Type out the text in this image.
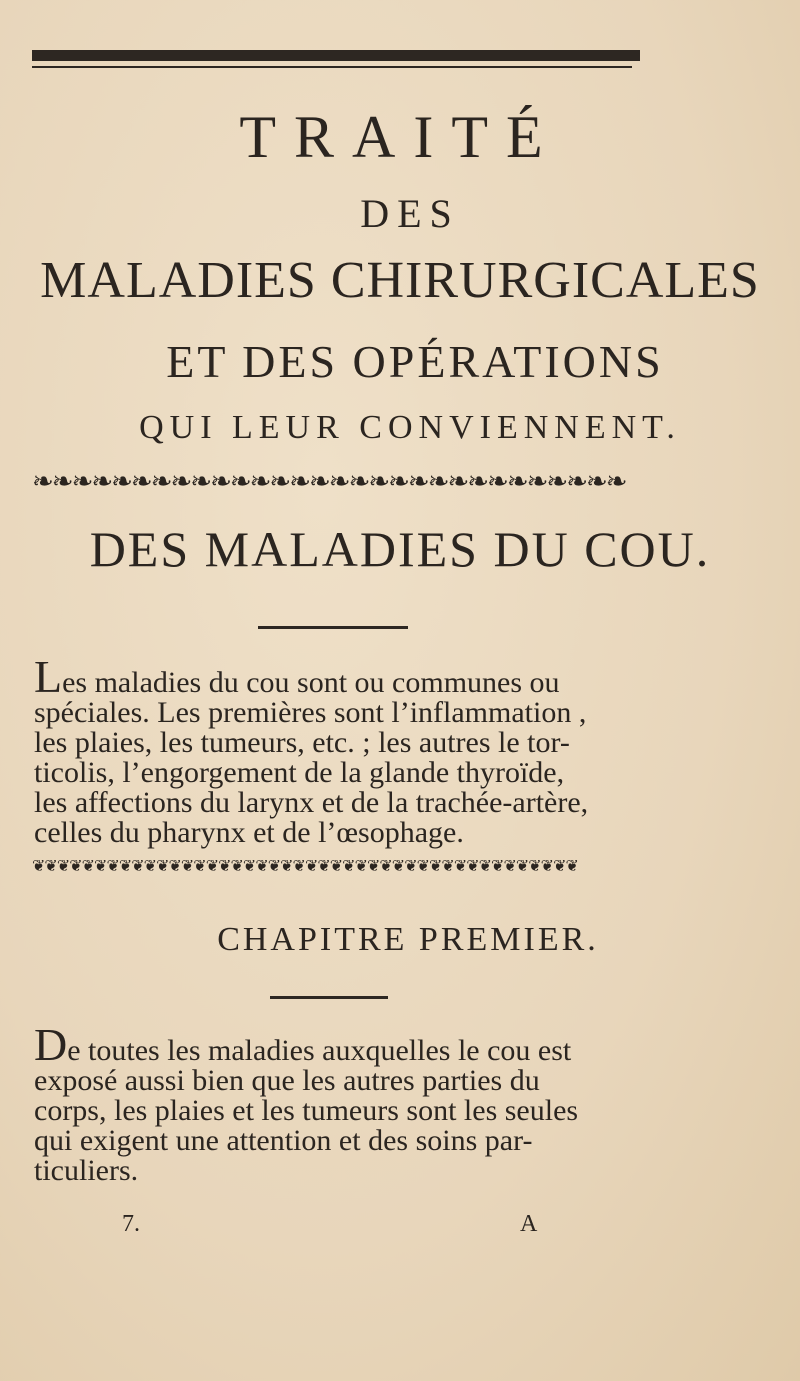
TRAITÉ
DES
MALADIES CHIRURGICALES
ET DES OPÉRATIONS
QUI LEUR CONVIENNENT.
❧❧❧❧❧❧❧❧❧❧❧❧❧❧❧❧❧❧❧❧❧❧❧❧❧❧❧❧❧❧
DES MALADIES DU COU.
Les maladies du cou sont ou communes ou
spéciales. Les premières sont l’inflammation ,
les plaies, les tumeurs, etc. ; les autres le tor-
ticolis, l’engorgement de la glande thyroïde,
les affections du larynx et de la trachée-artère,
celles du pharynx et de l’œsophage.
❦❦❦❦❦❦❦❦❦❦❦❦❦❦❦❦❦❦❦❦❦❦❦❦❦❦❦❦❦❦❦❦❦❦❦❦❦❦❦❦❦❦❦❦
CHAPITRE PREMIER.
De toutes les maladies auxquelles le cou est
exposé aussi bien que les autres parties du
corps, les plaies et les tumeurs sont les seules
qui exigent une attention et des soins par-
ticuliers.
7.	A
